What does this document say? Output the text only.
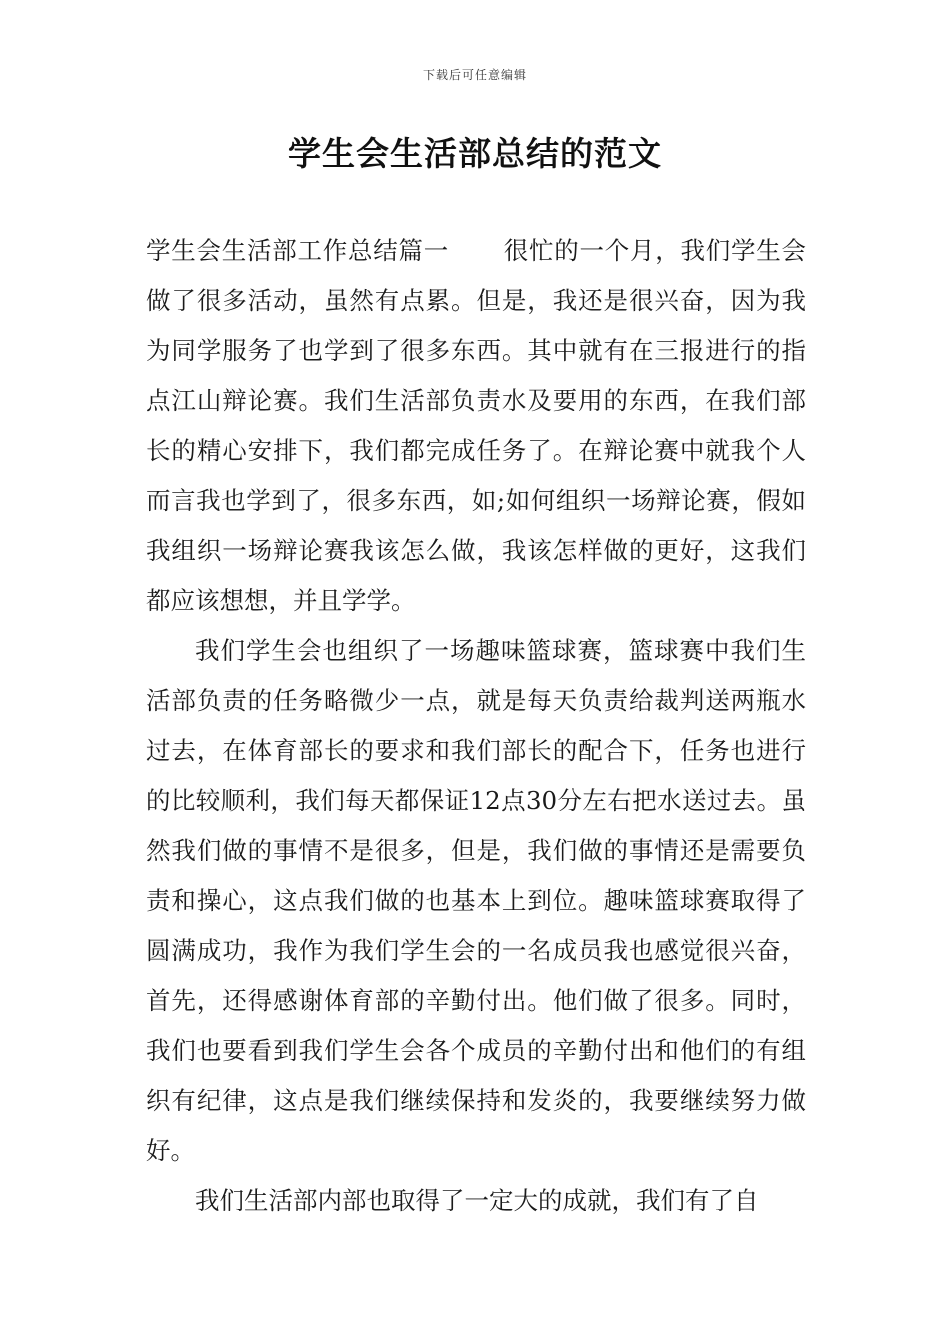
下载后可任意编辑
学生会生活部总结的范文

学生会生活部工作总结篇一 很忙的一个月，我们学生会做了很多活动，虽然有点累。但是，我还是很兴奋，因为我为同学服务了也学到了很多东西。其中就有在三报进行的指点江山辩论赛。我们生活部负责水及要用的东西，在我们部长的精心安排下，我们都完成任务了。在辩论赛中就我个人而言我也学到了，很多东西，如;如何组织一场辩论赛，假如我组织一场辩论赛我该怎么做，我该怎样做的更好，这我们都应该想想，并且学学。

我们学生会也组织了一场趣味篮球赛，篮球赛中我们生活部负责的任务略微少一点，就是每天负责给裁判送两瓶水过去，在体育部长的要求和我们部长的配合下，任务也进行的比较顺利，我们每天都保证12点30分左右把水送过去。虽然我们做的事情不是很多，但是，我们做的事情还是需要负责和操心，这点我们做的也基本上到位。趣味篮球赛取得了圆满成功，我作为我们学生会的一名成员我也感觉很兴奋，首先，还得感谢体育部的辛勤付出。他们做了很多。同时，我们也要看到我们学生会各个成员的辛勤付出和他们的有组织有纪律，这点是我们继续保持和发炎的，我要继续努力做好。

我们生活部内部也取得了一定大的成就，我们有了自
